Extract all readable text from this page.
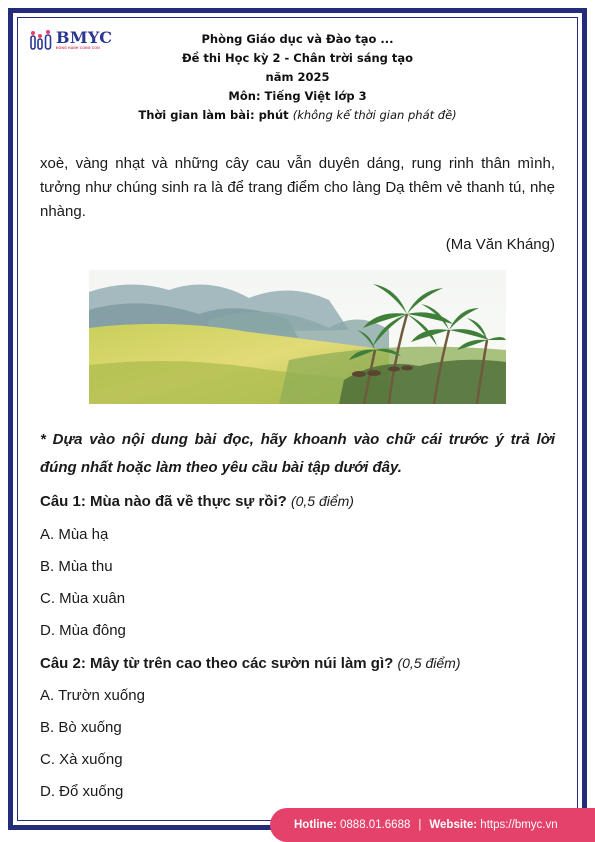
BMYC
ĐỒNG HÀNH CÙNG CON
Phòng Giáo dục và Đào tạo ...
Đề thi Học kỳ 2 - Chân trời sáng tạo
năm 2025
Môn: Tiếng Việt lớp 3
Thời gian làm bài: phút (không kể thời gian phát đề)
xoè, vàng nhạt và những cây cau vẫn duyên dáng, rung rinh thân mình, tưởng như chúng sinh ra là để trang điểm cho làng Dạ thêm vẻ thanh tú, nhẹ nhàng.
(Ma Văn Kháng)
* Dựa vào nội dung bài đọc, hãy khoanh vào chữ cái trước ý trả lời đúng nhất hoặc làm theo yêu cầu bài tập dưới đây.
Câu 1: Mùa nào đã về thực sự rồi? (0,5 điểm)
A. Mùa hạ
B. Mùa thu
C. Mùa xuân
D. Mùa đông
Câu 2: Mây từ trên cao theo các sườn núi làm gì? (0,5 điểm)
A. Trườn xuống
B. Bò xuống
C. Xà xuống
D. Đổ xuống
Hotline:
0888.01.6688 | Website:
https://bmyc.vn
